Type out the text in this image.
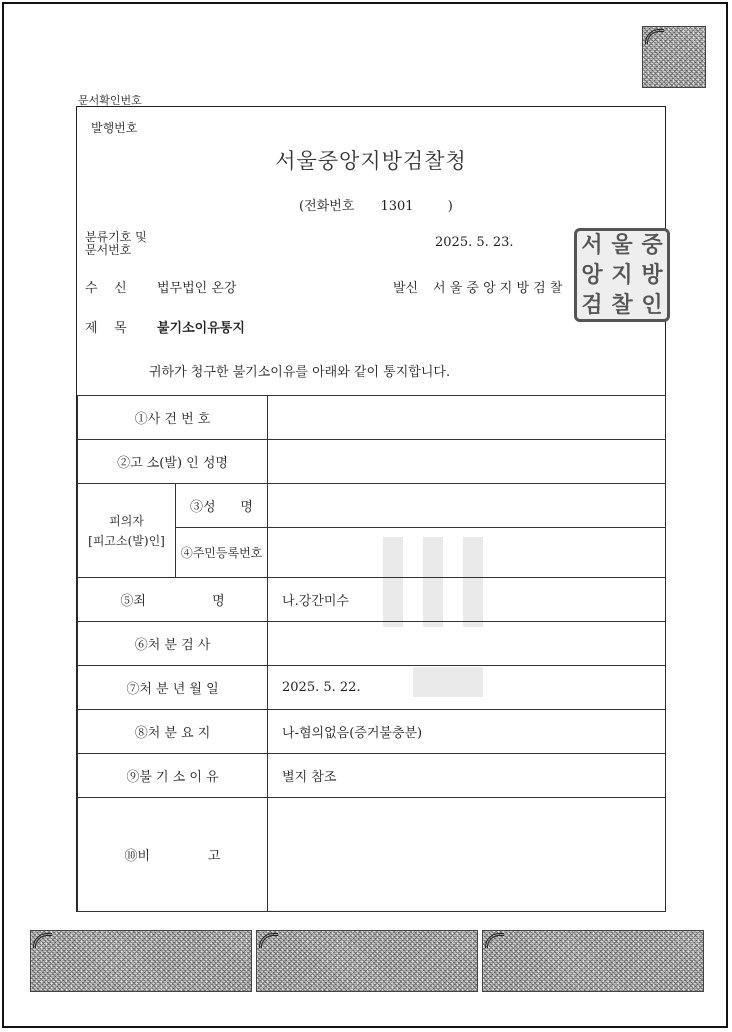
문서확인번호
발행번호
서울중앙지방검찰청
(전화번호 1301	)
분류기호 및
문서번호	2025. 5. 23.
수    신 법무법인 온강	발신 서 울 중 앙 지 방 검 찰
제    목 불기소이유통지
귀하가 청구한 불기소이유를 아래와 같이 통지합니다.
①사 건 번 호		
②고 소(발) 인 성명		

피의자
[피고소(발)인]	③성      명	
	④주민등록번호	
⑤죄                명		나.강간미수
⑥처 분 검 사		
⑦처 분 년 월 일		2025. 5. 22.
⑧처 분 요 지		나-혐의없음(증거불충분)
⑨불 기 소 이 유		별지 참조
⑩비              고		
서 울 중
앙 지 방
검 찰 인
